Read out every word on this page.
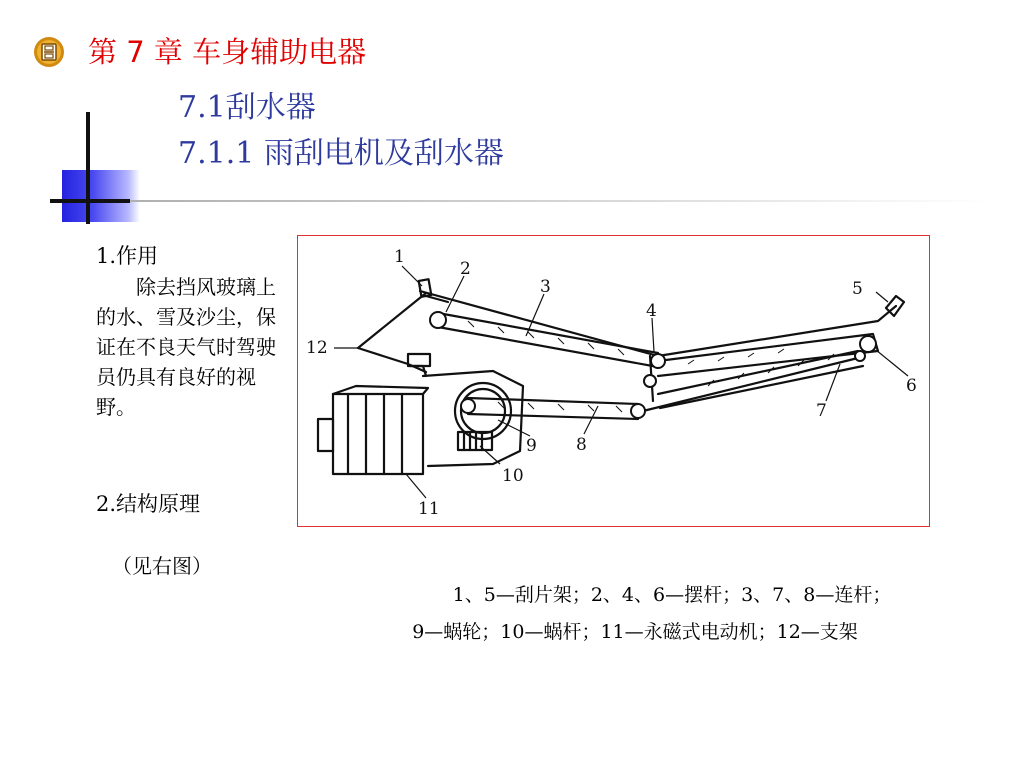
第 7 章 车身辅助电器
7.1刮水器
7.1.1 雨刮电机及刮水器
1.作用

除去挡风玻璃上的水、雪及沙尘，保证在不良天气时驾驶员仍具有良好的视野。

2.结构原理
（见右图）
1
2
3
4
5
12
6
7
9 8
10
11
1、5—刮片架；2、4、6—摆杆；3、7、8—连杆；
9—蜗轮；10—蜗杆；11—永磁式电动机；12—支架
